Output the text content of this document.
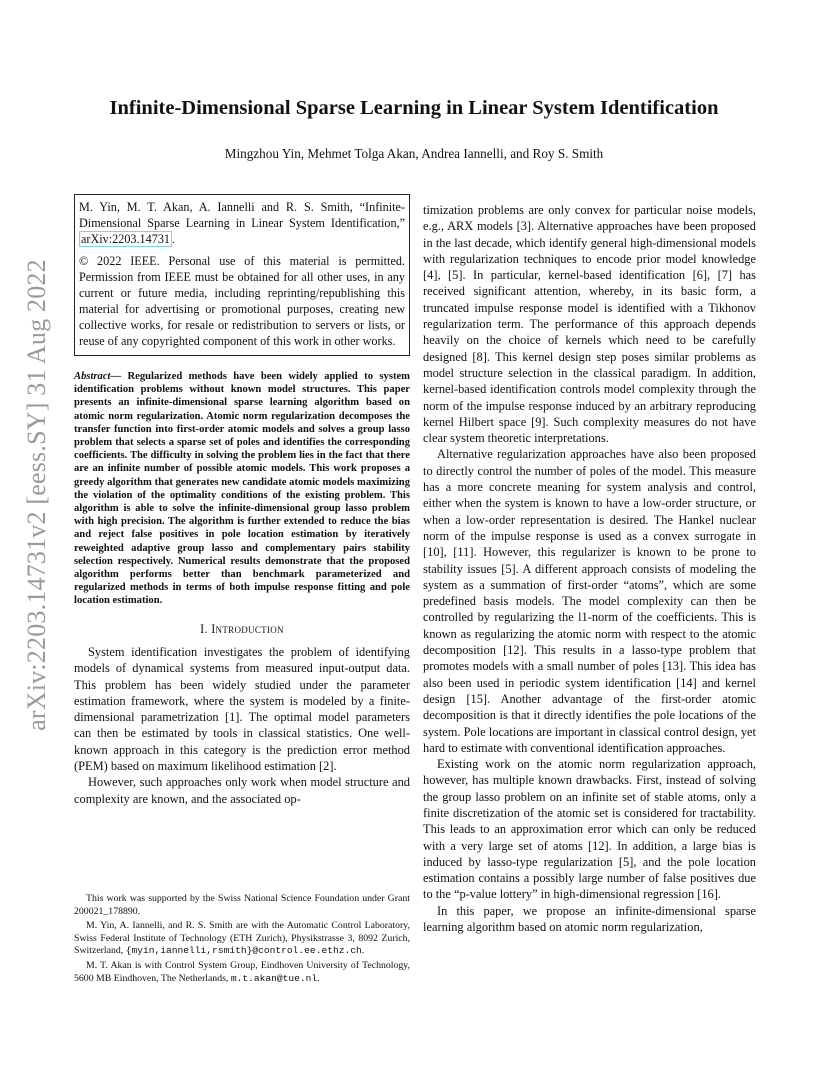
Infinite-Dimensional Sparse Learning in Linear System Identification

Mingzhou Yin, Mehmet Tolga Akan, Andrea Iannelli, and Roy S. Smith

arXiv:2203.14731v2 [eess.SY] 31 Aug 2022

M. Yin, M. T. Akan, A. Iannelli and R. S. Smith, “Infinite-Dimensional Sparse Learning in Linear System Identification,” arXiv:2203.14731 .

© 2022 IEEE. Personal use of this material is permitted. Permission from IEEE must be obtained for all other uses, in any current or future media, including reprinting/republishing this material for advertising or promotional purposes, creating new collective works, for resale or redistribution to servers or lists, or reuse of any copyrighted component of this work in other works.

Abstract— Regularized methods have been widely applied to system identification problems without known model structures. This paper presents an infinite-dimensional sparse learning algorithm based on atomic norm regularization. Atomic norm regularization decomposes the transfer function into first-order atomic models and solves a group lasso problem that selects a sparse set of poles and identifies the corresponding coefficients. The difficulty in solving the problem lies in the fact that there are an infinite number of possible atomic models. This work proposes a greedy algorithm that generates new candidate atomic models maximizing the violation of the optimality conditions of the existing problem. This algorithm is able to solve the infinite-dimensional group lasso problem with high precision. The algorithm is further extended to reduce the bias and reject false positives in pole location estimation by iteratively reweighted adaptive group lasso and complementary pairs stability selection respectively. Numerical results demonstrate that the proposed algorithm performs better than benchmark parameterized and regularized methods in terms of both impulse response fitting and pole location estimation.

I. Introduction

System identification investigates the problem of identifying models of dynamical systems from measured input-output data. This problem has been widely studied under the parameter estimation framework, where the system is modeled by a finite-dimensional parametrization [1]. The optimal model parameters can then be estimated by tools in classical statistics. One well-known approach in this category is the prediction error method (PEM) based on maximum likelihood estimation [2].

However, such approaches only work when model structure and complexity are known, and the associated op-

This work was supported by the Swiss National Science Foundation under Grant 200021_178890.

M. Yin, A. Iannelli, and R. S. Smith are with the Automatic Control Laboratory, Swiss Federal Institute of Technology (ETH Zurich), Physikstrasse 3, 8092 Zurich, Switzerland, {myin,iannelli,rsmith}@control.ee.ethz.ch.

M. T. Akan is with Control System Group, Eindhoven University of Technology, 5600 MB Eindhoven, The Netherlands, m.t.akan@tue.nl.

timization problems are only convex for particular noise models, e.g., ARX models [3]. Alternative approaches have been proposed in the last decade, which identify general high-dimensional models with regularization techniques to encode prior model knowledge [4], [5]. In particular, kernel-based identification [6], [7] has received significant attention, whereby, in its basic form, a truncated impulse response model is identified with a Tikhonov regularization term. The performance of this approach depends heavily on the choice of kernels which need to be carefully designed [8]. This kernel design step poses similar problems as model structure selection in the classical paradigm. In addition, kernel-based identification controls model complexity through the norm of the impulse response induced by an arbitrary reproducing kernel Hilbert space [9]. Such complexity measures do not have clear system theoretic interpretations.

Alternative regularization approaches have also been proposed to directly control the number of poles of the model. This measure has a more concrete meaning for system analysis and control, either when the system is known to have a low-order structure, or when a low-order representation is desired. The Hankel nuclear norm of the impulse response is used as a convex surrogate in [10], [11]. However, this regularizer is known to be prone to stability issues [5]. A different approach consists of modeling the system as a summation of first-order “atoms”, which are some predefined basis models. The model complexity can then be controlled by regularizing the l1-norm of the coefficients. This is known as regularizing the atomic norm with respect to the atomic decomposition [12]. This results in a lasso-type problem that promotes models with a small number of poles [13]. This idea has also been used in periodic system identification [14] and kernel design [15]. Another advantage of the first-order atomic decomposition is that it directly identifies the pole locations of the system. Pole locations are important in classical control design, yet hard to estimate with conventional identification approaches.

Existing work on the atomic norm regularization approach, however, has multiple known drawbacks. First, instead of solving the group lasso problem on an infinite set of stable atoms, only a finite discretization of the atomic set is considered for tractability. This leads to an approximation error which can only be reduced with a very large set of atoms [12]. In addition, a large bias is induced by lasso-type regularization [5], and the pole location estimation contains a possibly large number of false positives due to the “p-value lottery” in high-dimensional regression [16].

In this paper, we propose an infinite-dimensional sparse learning algorithm based on atomic norm regularization,
